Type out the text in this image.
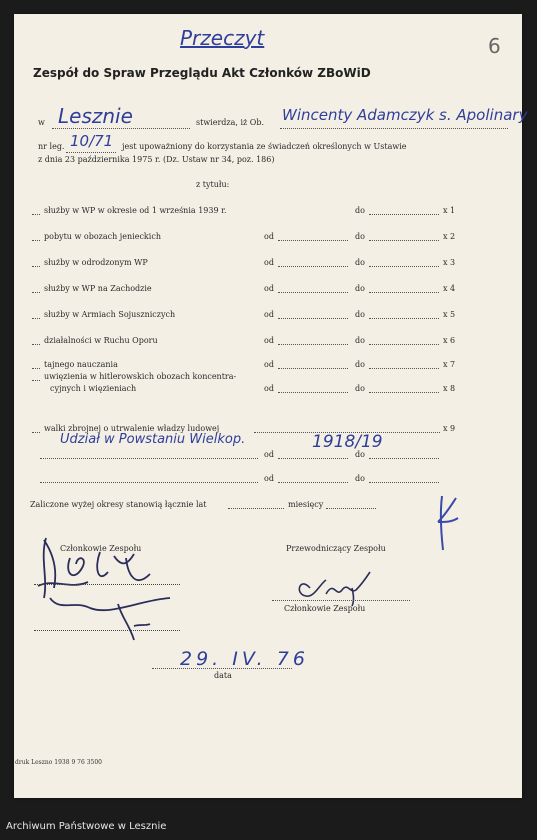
Przeczyt	6
Zespół do Spraw Przeglądu Akt Członków ZBoWiD
w Lesznie	stwierdza, iż Ob. Wincenty Adamczyk s. Apolinary
nr leg. 10/71 jest upoważniony do korzystania ze świadczeń określonych w Ustawie
z dnia 23 października 1975 r. (Dz. Ustaw nr 34, poz. 186)
z tytułu:
służby w WP w okresie od 1 września 1939 r.	do	x 1
pobytu w obozach jenieckich	od	do	x 2
służby w odrodzonym WP	od	do	x 3
służby w WP na Zachodzie	od	do	x 4
służby w Armiach Sojuszniczych	od	do	x 5
działalności w Ruchu Oporu	od	do	x 6
tajnego nauczania	od	do	x 7
uwięzienia w hitlerowskich obozach koncentra-
cyjnych i więzieniach	od	do	x 8
walki zbrojnej o utrwalenie władzy ludowej	x 9
Udział w Powstaniu Wielkop.	1918/19
od	do
od	do
Zaliczone wyżej okresy stanowią łącznie lat	miesięcy
Członkowie Zespołu	Przewodniczący Zespołu
Członkowie Zespołu
29. IV. 76
data
druk Leszno 1938 9 76 3500
Archiwum Państwowe w Lesznie
